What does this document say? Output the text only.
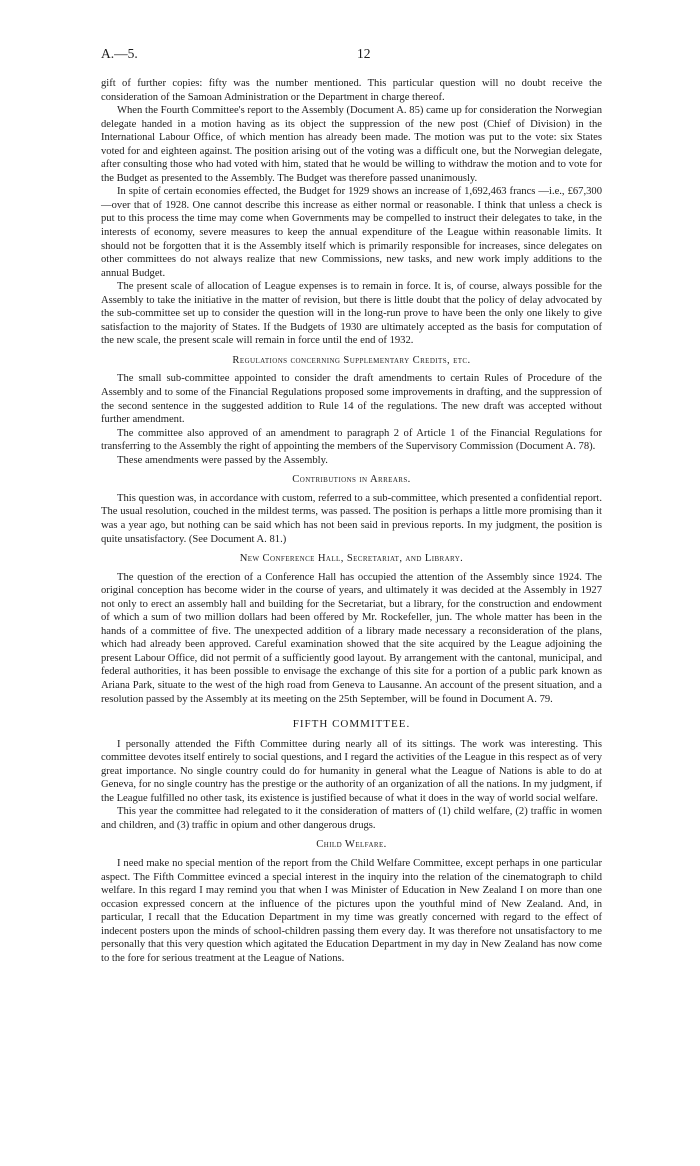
A.—5.	12

gift of further copies: fifty was the number mentioned. This particular question will no doubt receive the consideration of the Samoan Administration or the Department in charge thereof.

When the Fourth Committee's report to the Assembly (Document A. 85) came up for consideration the Norwegian delegate handed in a motion having as its object the suppression of the new post (Chief of Division) in the International Labour Office, of which mention has already been made. The motion was put to the vote: six States voted for and eighteen against. The position arising out of the voting was a difficult one, but the Norwegian delegate, after consulting those who had voted with him, stated that he would be willing to withdraw the motion and to vote for the Budget as presented to the Assembly. The Budget was therefore passed unanimously.

In spite of certain economies effected, the Budget for 1929 shows an increase of 1,692,463 francs —i.e., £67,300—over that of 1928. One cannot describe this increase as either normal or reasonable. I think that unless a check is put to this process the time may come when Governments may be compelled to instruct their delegates to take, in the interests of economy, severe measures to keep the annual expenditure of the League within reasonable limits. It should not be forgotten that it is the Assembly itself which is primarily responsible for increases, since delegates on other committees do not always realize that new Commissions, new tasks, and new work imply additions to the annual Budget.

The present scale of allocation of League expenses is to remain in force. It is, of course, always possible for the Assembly to take the initiative in the matter of revision, but there is little doubt that the policy of delay advocated by the sub-committee set up to consider the question will in the long-run prove to have been the only one likely to give satisfaction to the majority of States. If the Budgets of 1930 are ultimately accepted as the basis for computation of the new scale, the present scale will remain in force until the end of 1932.

Regulations concerning Supplementary Credits, etc.

The small sub-committee appointed to consider the draft amendments to certain Rules of Procedure of the Assembly and to some of the Financial Regulations proposed some improvements in drafting, and the suppression of the second sentence in the suggested addition to Rule 14 of the regulations. The new draft was accepted without further amendment.

The committee also approved of an amendment to paragraph 2 of Article 1 of the Financial Regulations for transferring to the Assembly the right of appointing the members of the Supervisory Commission (Document A. 78).

These amendments were passed by the Assembly.

Contributions in Arrears.

This question was, in accordance with custom, referred to a sub-committee, which presented a confidential report. The usual resolution, couched in the mildest terms, was passed. The position is perhaps a little more promising than it was a year ago, but nothing can be said which has not been said in previous reports. In my judgment, the position is quite unsatisfactory. (See Document A. 81.)

New Conference Hall, Secretariat, and Library.

The question of the erection of a Conference Hall has occupied the attention of the Assembly since 1924. The original conception has become wider in the course of years, and ultimately it was decided at the Assembly in 1927 not only to erect an assembly hall and building for the Secretariat, but a library, for the construction and endowment of which a sum of two million dollars had been offered by Mr. Rockefeller, jun. The whole matter has been in the hands of a committee of five. The unexpected addition of a library made necessary a reconsideration of the plans, which had already been approved. Careful examination showed that the site acquired by the League adjoining the present Labour Office, did not permit of a sufficiently good layout. By arrangement with the cantonal, municipal, and federal authorities, it has been possible to envisage the exchange of this site for a portion of a public park known as Ariana Park, situate to the west of the high road from Geneva to Lausanne. An account of the present situation, and a resolution passed by the Assembly at its meeting on the 25th September, will be found in Document A. 79.

FIFTH COMMITTEE.

I personally attended the Fifth Committee during nearly all of its sittings. The work was interesting. This committee devotes itself entirely to social questions, and I regard the activities of the League in this respect as of very great importance. No single country could do for humanity in general what the League of Nations is able to do at Geneva, for no single country has the prestige or the authority of an organization of all the nations. In my judgment, if the League fulfilled no other task, its existence is justified because of what it does in the way of world social welfare.

This year the committee had relegated to it the consideration of matters of (1) child welfare, (2) traffic in women and children, and (3) traffic in opium and other dangerous drugs.

Child Welfare.

I need make no special mention of the report from the Child Welfare Committee, except perhaps in one particular aspect. The Fifth Committee evinced a special interest in the inquiry into the relation of the cinematograph to child welfare. In this regard I may remind you that when I was Minister of Education in New Zealand I on more than one occasion expressed concern at the influence of the pictures upon the youthful mind of New Zealand. And, in particular, I recall that the Education Department in my time was greatly concerned with regard to the effect of indecent posters upon the minds of school-children passing them every day. It was therefore not unsatisfactory to me personally that this very question which agitated the Education Department in my day in New Zealand has now come to the fore for serious treatment at the League of Nations.
